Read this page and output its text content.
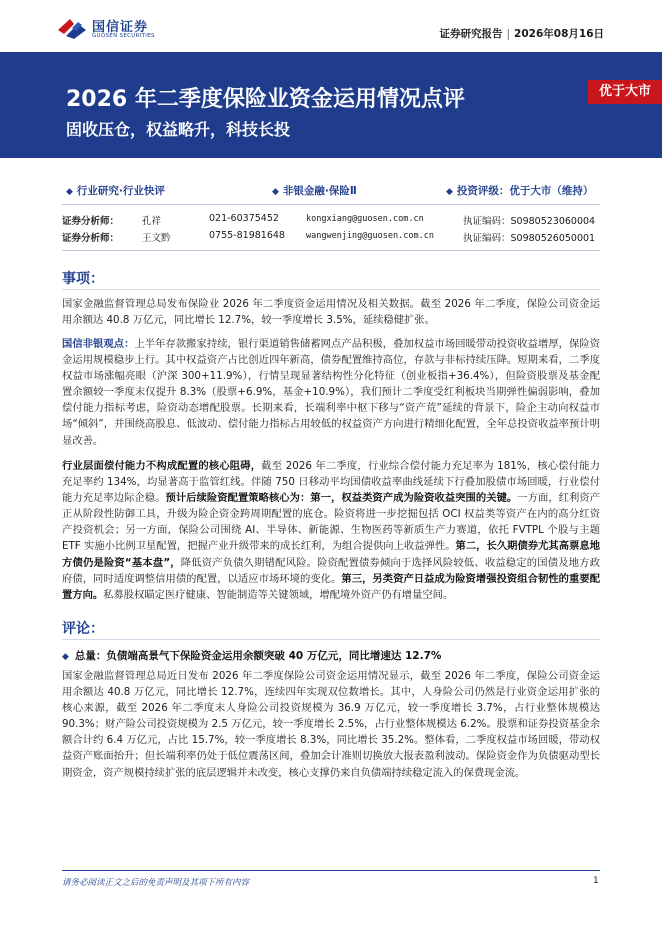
国信证券
GUOSEN SECURITIES	证券研究报告 | 2026年08月16日
2026 年二季度保险业资金运用情况点评
固收压仓，权益略升，科技长投
优于大市
◆ 行业研究·行业快评	◆ 非银金融·保险Ⅱ	◆ 投资评级：优于大市（维持）
证券分析师： 孔祥	021-60375452	kongxiang@guosen.com.cn	执证编码：S0980523060004
证券分析师： 王文黔	0755-81981648 wangwenjing@guosen.com.cn	执证编码：S0980526050001
事项：

国家金融监督管理总局发布保险业 2026 年二季度资金运用情况及相关数据。截至 2026 年二季度，保险公司资金运用余额达 40.8 万亿元，同比增长 12.7%，较一季度增长 3.5%，延续稳健扩张。

国信非银观点：上半年存款搬家持续，银行渠道销售储蓄网点产品积极，叠加权益市场回暖带动投资收益增厚，保险资金运用规模稳步上行。其中权益资产占比创近四年新高，债券配置维持高位，存款与非标持续压降。短期来看，二季度权益市场涨幅亮眼（沪深 300+11.9%），行情呈现显著结构性分化特征（创业板指+36.4%），但险资股票及基金配置余额较一季度末仅提升 8.3%（股票+6.9%，基金+10.9%），我们预计二季度受红利板块当期弹性偏弱影响，叠加偿付能力指标考虑，险资动态增配股票。长期来看，长端利率中枢下移与“资产荒”延续的背景下，险企主动向权益市场“倾斜”，并围绕高股息、低波动、偿付能力指标占用较低的权益资产方向进行精细化配置，全年总投资收益率预计明显改善。

行业层面偿付能力不构成配置的核心阻碍，截至 2026 年二季度，行业综合偿付能力充足率为 181%，核心偿付能力充足率约 134%，均显著高于监管红线。伴随 750 日移动平均国债收益率曲线延续下行叠加股债市场回暖，行业偿付能力充足率边际企稳。预计后续险资配置策略核心为：第一，权益类资产成为险资收益突围的关键。一方面，红利资产正从阶段性防御工具，升级为险企资金跨周期配置的底仓。险资将进一步挖掘包括 OCI 权益类等资产在内的高分红资产投资机会；另一方面，保险公司围绕 AI、半导体、新能源、生物医药等新质生产力赛道，依托 FVTPL 个股与主题 ETF 实施小比例卫星配置，把握产业升级带来的成长红利，为组合提供向上收益弹性。第二，长久期债券尤其高票息地方债仍是险资“基本盘”，降低资产负债久期错配风险。险资配置债券倾向于选择风险较低、收益稳定的国债及地方政府债，同时适度调整信用债的配置，以适应市场环境的变化。第三，另类资产日益成为险资增强投资组合韧性的重要配置方向。私募股权瞄定医疗健康、智能制造等关键领域，增配境外资产仍有增量空间。

评论：
◆ 总量：负债端高景气下保险资金运用余额突破 40 万亿元，同比增速达 12.7%

国家金融监督管理总局近日发布 2026 年二季度保险公司资金运用情况显示，截至 2026 年二季度，保险公司资金运用余额达 40.8 万亿元，同比增长 12.7%，连续四年实现双位数增长。其中，人身险公司仍然是行业资金运用扩张的核心来源，截至 2026 年二季度末人身险公司投资规模为 36.9 万亿元，较一季度增长 3.7%，占行业整体规模达 90.3%；财产险公司投资规模为 2.5 万亿元，较一季度增长 2.5%，占行业整体规模达 6.2%。股票和证券投资基金余额合计约 6.4 万亿元，占比 15.7%，较一季度增长 8.3%，同比增长 35.2%。整体看，二季度权益市场回暖，带动权益资产账面抬升；但长端利率仍处于低位震荡区间，叠加会计准则切换放大报表盈利波动。保险资金作为负债驱动型长期资金，资产规模持续扩张的底层逻辑并未改变，核心支撑仍来自负债端持续稳定流入的保费现金流。

请务必阅读正文之后的免责声明及其项下所有内容	1
